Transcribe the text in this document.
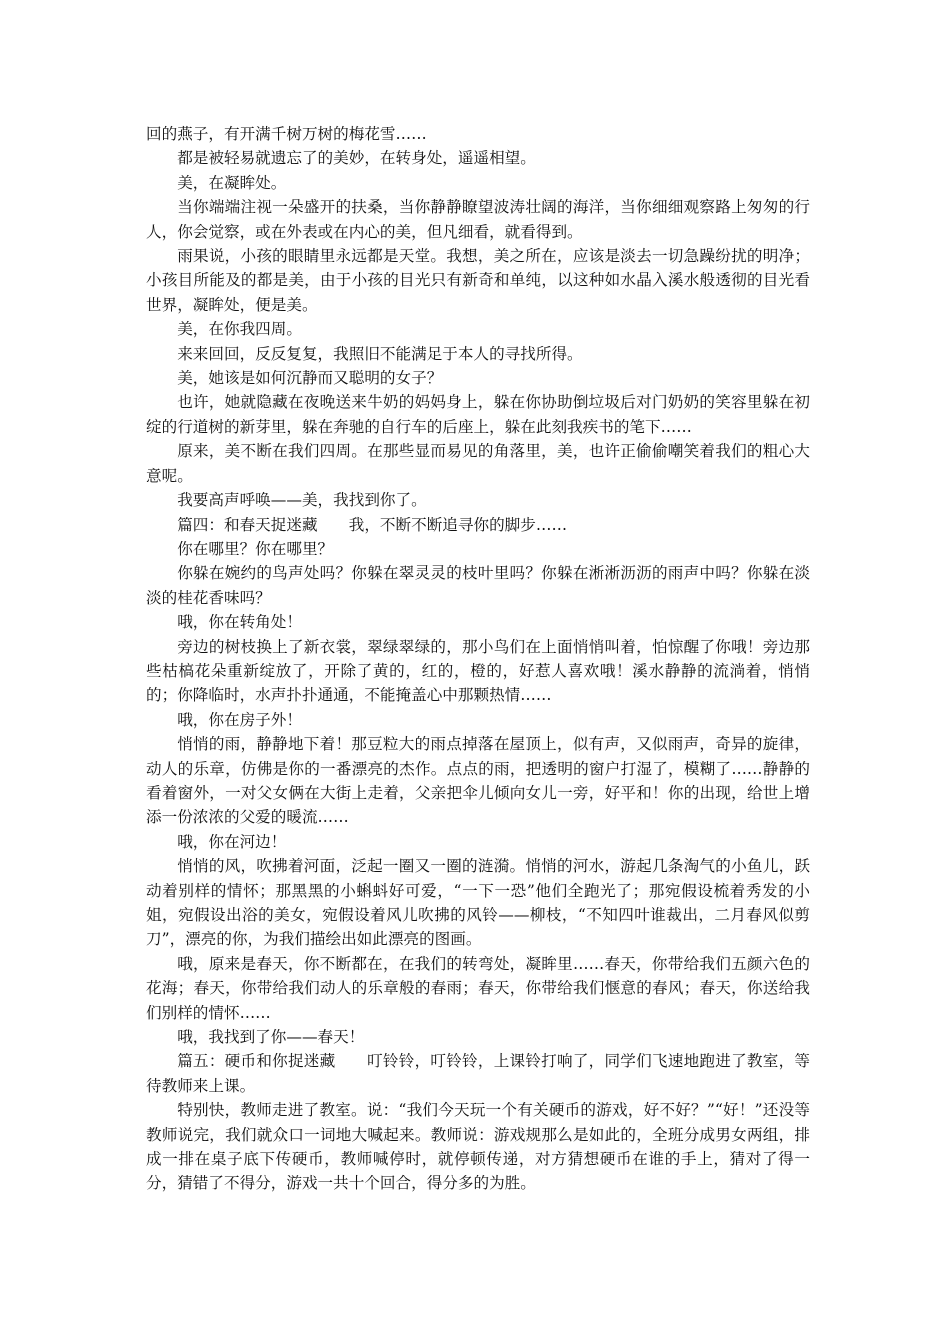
回的燕子，有开满千树万树的梅花雪……

都是被轻易就遗忘了的美妙，在转身处，遥遥相望。

美，在凝眸处。

当你端端注视一朵盛开的扶桑，当你静静瞭望波涛壮阔的海洋，当你细细观察路上匆匆的行人，你会觉察，或在外表或在内心的美，但凡细看，就看得到。

雨果说，小孩的眼睛里永远都是天堂。我想，美之所在，应该是淡去一切急躁纷扰的明净；小孩目所能及的都是美，由于小孩的目光只有新奇和单纯，以这种如水晶入溪水般透彻的目光看世界，凝眸处，便是美。

美，在你我四周。

来来回回，反反复复，我照旧不能满足于本人的寻找所得。

美，她该是如何沉静而又聪明的女子？

也许，她就隐藏在夜晚送来牛奶的妈妈身上，躲在你协助倒垃圾后对门奶奶的笑容里躲在初绽的行道树的新芽里，躲在奔驰的自行车的后座上，躲在此刻我疾书的笔下……

原来，美不断在我们四周。在那些显而易见的角落里，美，也许正偷偷嘲笑着我们的粗心大意呢。

我要高声呼唤——美，我找到你了。

篇四：和春天捉迷藏　　我，不断不断追寻你的脚步……

你在哪里？你在哪里？

你躲在婉约的鸟声处吗？你躲在翠灵灵的枝叶里吗？你躲在淅淅沥沥的雨声中吗？你躲在淡淡的桂花香味吗？

哦，你在转角处！

旁边的树枝换上了新衣裳，翠绿翠绿的，那小鸟们在上面悄悄叫着，怕惊醒了你哦！旁边那些枯槁花朵重新绽放了，开除了黄的，红的，橙的，好惹人喜欢哦！溪水静静的流淌着，悄悄的；你降临时，水声扑扑通通，不能掩盖心中那颗热情……

哦，你在房子外！

悄悄的雨，静静地下着！那豆粒大的雨点掉落在屋顶上，似有声，又似雨声，奇异的旋律，动人的乐章，仿佛是你的一番漂亮的杰作。点点的雨，把透明的窗户打湿了，模糊了……静静的看着窗外，一对父女俩在大街上走着，父亲把伞儿倾向女儿一旁，好平和！你的出现，给世上增添一份浓浓的父爱的暖流……

哦，你在河边！

悄悄的风，吹拂着河面，泛起一圈又一圈的涟漪。悄悄的河水，游起几条淘气的小鱼儿，跃动着别样的情怀；那黑黑的小蝌蚪好可爱，“一下一恐”他们全跑光了；那宛假设梳着秀发的小姐，宛假设出浴的美女，宛假设着风儿吹拂的风铃——柳枝，“不知四叶谁裁出，二月春风似剪刀”，漂亮的你，为我们描绘出如此漂亮的图画。

哦，原来是春天，你不断都在，在我们的转弯处，凝眸里……春天，你带给我们五颜六色的花海；春天，你带给我们动人的乐章般的春雨；春天，你带给我们惬意的春风；春天，你送给我们别样的情怀……

哦，我找到了你——春天！

篇五：硬币和你捉迷藏　　叮铃铃，叮铃铃，上课铃打响了，同学们飞速地跑进了教室，等待教师来上课。

特别快，教师走进了教室。说：“我们今天玩一个有关硬币的游戏，好不好？”“好！”还没等教师说完，我们就众口一词地大喊起来。教师说：游戏规那么是如此的，全班分成男女两组，排成一排在桌子底下传硬币，教师喊停时，就停顿传递，对方猜想硬币在谁的手上，猜对了得一分，猜错了不得分，游戏一共十个回合，得分多的为胜。
